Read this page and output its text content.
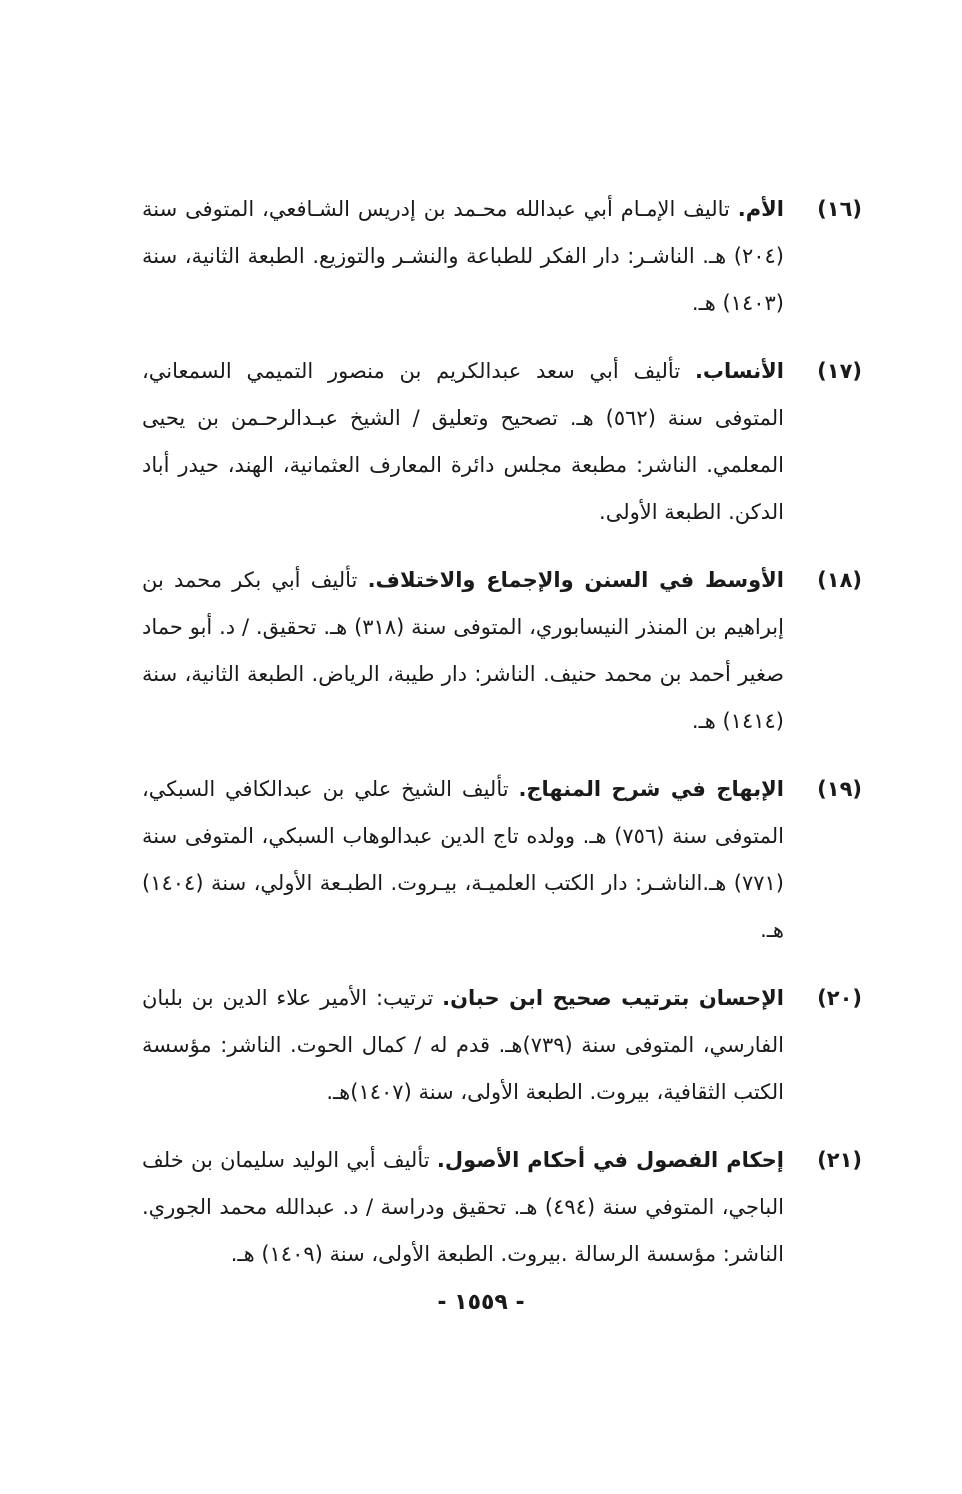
(١٦)
الأم. تاليف الإمـام أبي عبدالله محـمد بن إدريس الشـافعي، المتوفى سنة (٢٠٤) هـ. الناشـر: دار الفكر للطباعة والنشـر والتوزيع. الطبعة الثانية، سنة (١٤٠٣) هـ.
(١٧)
الأنساب. تأليف أبي سعد عبدالكريم بن منصور التميمي السمعاني، المتوفى سنة (٥٦٢) هـ. تصحيح وتعليق / الشيخ عبـدالرحـمن بن يحيى المعلمي. الناشر: مطبعة مجلس دائرة المعارف العثمانية، الهند، حيدر أباد الدكن. الطبعة الأولى.
(١٨)
الأوسط في السنن والإجماع والاختلاف. تأليف أبي بكر محمد بن إبراهيم بن المنذر النيسابوري، المتوفى سنة (٣١٨) هـ. تحقيق. / د. أبو حماد صغير أحمد بن محمد حنيف. الناشر: دار طيبة، الرياض. الطبعة الثانية، سنة (١٤١٤) هـ.
(١٩)
الإبهاج في شرح المنهاج. تأليف الشيخ علي بن عبدالكافي السبكي، المتوفى سنة (٧٥٦) هـ. وولده تاج الدين عبدالوهاب السبكي، المتوفى سنة (٧٧١) هـ.الناشـر: دار الكتب العلميـة، بيـروت. الطبـعة الأولي، سنة (١٤٠٤) هـ.
(٢٠)
الإحسان بترتيب صحيح ابن حبان. ترتيب: الأمير علاء الدين بن بلبان الفارسي، المتوفى سنة (٧٣٩)هـ. قدم له / كمال الحوت. الناشر: مؤسسة الكتب الثقافية، بيروت. الطبعة الأولى، سنة (١٤٠٧)هـ.
(٢١)
إحكام الفصول في أحكام الأصول. تأليف أبي الوليد سليمان بن خلف الباجي، المتوفي سنة (٤٩٤) هـ. تحقيق ودراسة / د. عبدالله محمد الجوري. الناشر: مؤسسة الرسالة .بيروت. الطبعة الأولى، سنة (١٤٠٩) هـ.
- ١٥٥٩ -
